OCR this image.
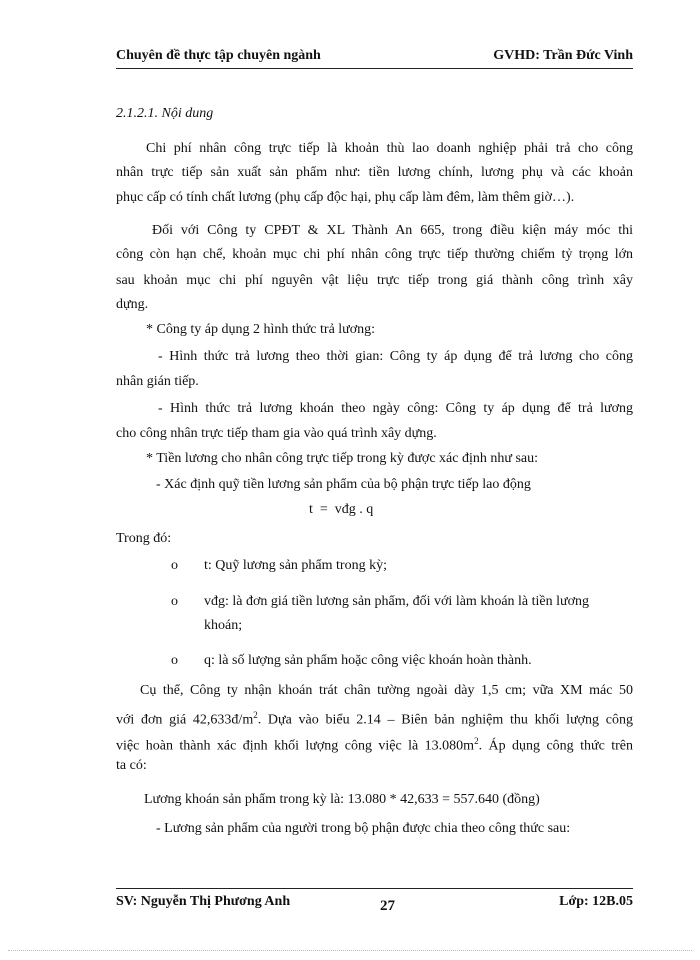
Chuyên đề thực tập chuyên ngành	GVHD: Trần Đức Vinh
2.1.2.1. Nội dung
Chi phí nhân công trực tiếp là khoản thù lao doanh nghiệp phải trả cho công
nhân trực tiếp sản xuất sản phẩm như: tiền lương chính, lương phụ và các khoản
phục cấp có tính chất lương (phụ cấp độc hại, phụ cấp làm đêm, làm thêm giờ…).
Đối với Công ty CPĐT & XL Thành An 665, trong điều kiện máy móc thi
công còn hạn chế, khoản mục chi phí nhân công trực tiếp thường chiếm tỷ trọng lớn
sau khoản mục chi phí nguyên vật liệu trực tiếp trong giá thành công trình xây
dựng.
* Công ty áp dụng 2 hình thức trả lương:
- Hình thức trả lương theo thời gian: Công ty áp dụng để trả lương cho công
nhân gián tiếp.
- Hình thức trả lương khoán theo ngày công: Công ty áp dụng để trả lương
cho công nhân trực tiếp tham gia vào quá trình xây dựng.
* Tiền lương cho nhân công trực tiếp trong kỳ được xác định như sau:
- Xác định quỹ tiền lương sản phẩm của bộ phận trực tiếp lao động
t  =  vđg . q
Trong đó:
o t: Quỹ lương sản phẩm trong kỳ;
o vđg: là đơn giá tiền lương sản phẩm, đối với làm khoán là tiền lương
khoán;
o q: là số lượng sản phẩm hoặc công việc khoán hoàn thành.
Cụ thể, Công ty nhận khoán trát chân tường ngoài dày 1,5 cm; vữa XM mác 50
với đơn giá $42,633đ/m^2$. Dựa vào biểu 2.14 – Biên bản nghiệm thu khối lượng công
việc hoàn thành xác định khối lượng công việc là $13.080m^2$. Áp dụng công thức trên
ta có:
Lương khoán sản phẩm trong kỳ là: 13.080 * 42,633 = 557.640 (đồng)
- Lương sản phẩm của người trong bộ phận được chia theo công thức sau:
SV: Nguyễn Thị Phương Anh	27	Lớp: 12B.05
